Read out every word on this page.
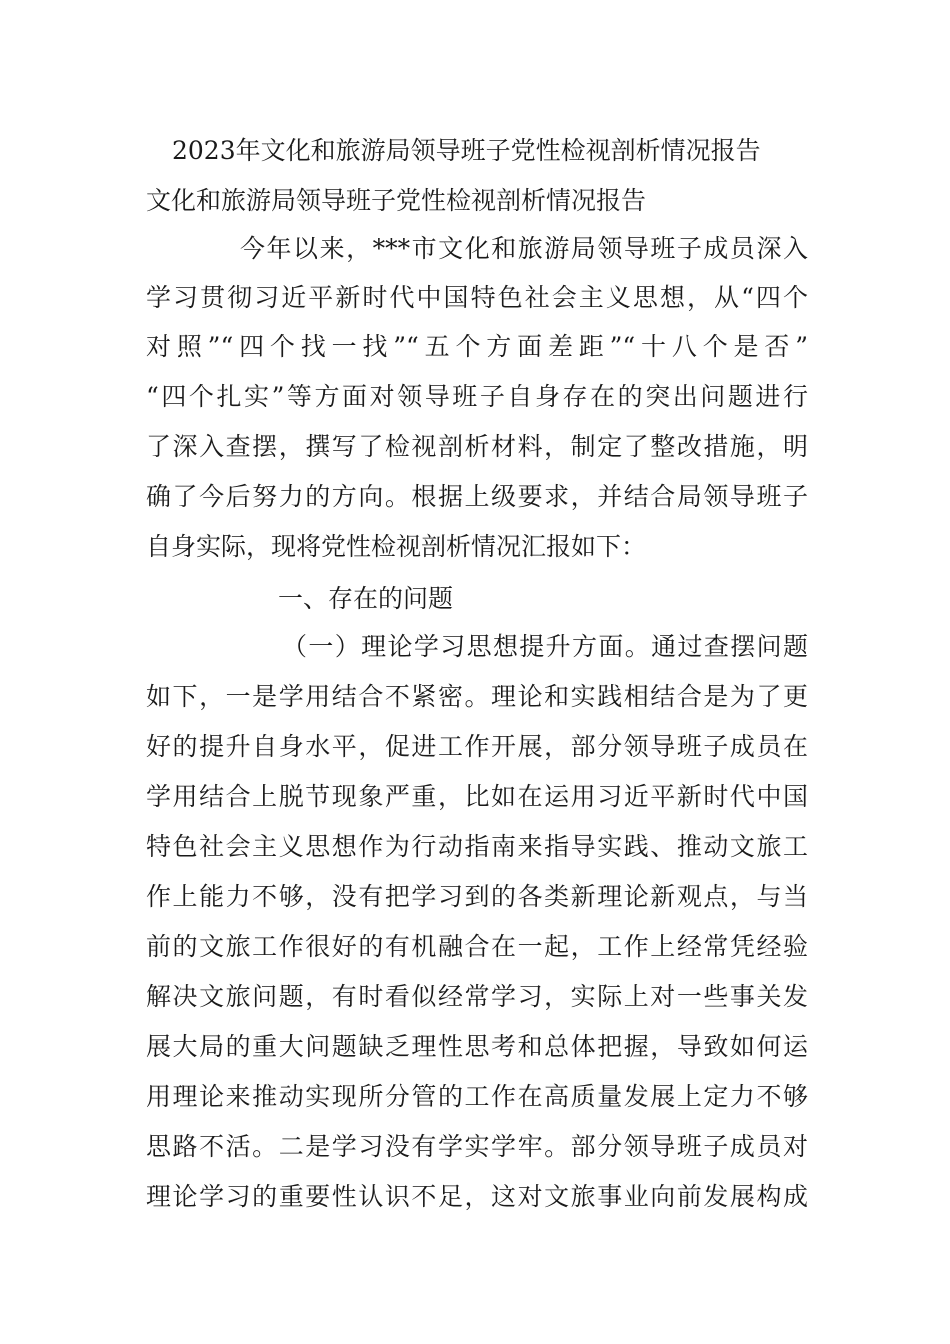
2023年文化和旅游局领导班子党性检视剖析情况报告
文化和旅游局领导班子党性检视剖析情况报告
今年以来，***市文化和旅游局领导班子成员深入
学习贯彻习近平新时代中国特色社会主义思想，从“四个
对照”“四个找一找”“五个方面差距”“十八个是否”
“四个扎实”等方面对领导班子自身存在的突出问题进行
了深入查摆，撰写了检视剖析材料，制定了整改措施，明
确了今后努力的方向。根据上级要求，并结合局领导班子
自身实际，现将党性检视剖析情况汇报如下：
一、存在的问题
（一）理论学习思想提升方面。通过查摆问题
如下，一是学用结合不紧密。理论和实践相结合是为了更
好的提升自身水平，促进工作开展，部分领导班子成员在
学用结合上脱节现象严重，比如在运用习近平新时代中国
特色社会主义思想作为行动指南来指导实践、推动文旅工
作上能力不够，没有把学习到的各类新理论新观点，与当
前的文旅工作很好的有机融合在一起，工作上经常凭经验
解决文旅问题，有时看似经常学习，实际上对一些事关发
展大局的重大问题缺乏理性思考和总体把握，导致如何运
用理论来推动实现所分管的工作在高质量发展上定力不够
思路不活。二是学习没有学实学牢。部分领导班子成员对
理论学习的重要性认识不足，这对文旅事业向前发展构成
